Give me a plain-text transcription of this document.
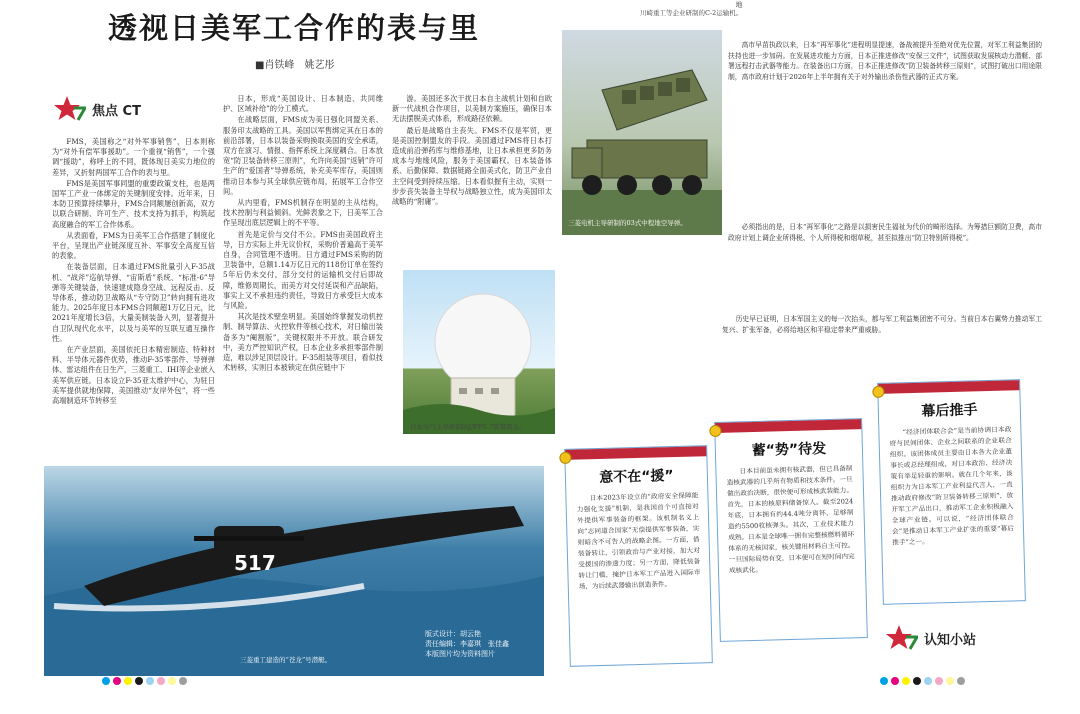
透视日美军工合作的表与里
■肖铁峰　姚艺彤
焦点 CT

FMS，美国称之“对外军事销售”，日本则称为“对外有偿军事援助”。一个重视“销售”，一个强调“援助”，称呼上的不同，既体现日美实力地位的差异，又折射两国军工合作的表与里。

FMS是美国军事同盟的重要政策支柱，也是两国军工产业一体绑定的关键制度安排。近年来，日本防卫预算持续攀升，FMS合同额屡创新高，双方以联合研制、许可生产、技术支持为抓手，构筑起高度融合的军工合作体系。

从表面看，FMS为日美军工合作搭建了制度化平台，呈现出产业链深度互补、军事安全高度互信的表象。

在装备层面，日本通过FMS批量引入F-35战机、“战斧”巡航导弹、“宙斯盾”系统、“标准-6”导弹等关键装备，快速建成隐身空战、远程反击、反导体系，推动防卫战略从“专守防卫”转向拥有进攻能力。2025年度日本FMS合同额超1万亿日元，比2021年度增长3倍，大量美制装备入列，显著提升自卫队现代化水平，以及与美军的互联互通互操作性。

在产业层面，美国依托日本精密制造、特种材料、半导体元器件优势，推动F-35零部件、导弹弹体、雷达组件在日生产，三菱重工、IHI等企业嵌入美军供应链。日本设立F-35亚太维护中心，为驻日美军提供就地保障，美国推动“友岸外包”，将一些高端制造环节转移至

日本，形成“美国设计、日本制造、共同维护、区域补给”的分工模式。

在战略层面，FMS成为美日强化同盟关系、服务印太战略的工具。美国以军售绑定其在日本的前沿部署，日本以装备采购换取美国的安全承诺，双方在演习、情报、指挥系统上深度耦合。日本放宽“防卫装备转移三原则”，允许向美国“返销”许可生产的“爱国者”导弹系统，补充美军库存，美国则推动日本参与其全球供应链布局，拓展军工合作空间。

从内里看，FMS机制存在明显的主从结构，技术控制与利益倾斜。光鲜表象之下，日美军工合作呈现出底层逻辑上的不平等。

首先是定价与交付不公。FMS由美国政府主导，日方实际上并无议价权，采购价普遍高于美军自身，合同管理不透明。日方通过FMS采购的防卫装备中，总额1.14万亿日元的118份订单在签约5年后仍未交付，部分交付的运输机交付后即故障，维修周期长，而美方对交付延误和产品缺陷，事实上又不承担违约责任，导致日方承受巨大成本与风险。

其次是技术壁垒明显。美国始终掌握发动机控制、制导算法、火控软件等核心技术，对日输出装备多为“阉割版”，关键权限并不开放。联合研发中，美方严控知识产权，日本企业多承担零部件制造，难以涉足顶层设计。F-35组装等项目，看似技术转移，实则日本被锁定在供应链中下

游。美国还多次干扰日本自主战机计划和自欧新一代战机合作项目，以美制方案施压，确保日本无法摆脱美式体系，形成路径依赖。

最后是战略自主丧失。FMS不仅是军贸，更是美国控制盟友的手段。美国通过FMS将日本打造成前沿弹药库与维修基地，让日本承担更多防务成本与地缘风险，服务于美国霸权。日本装备体系、后勤保障、数据链路全面美式化，防卫产业自主空间受到持续压缩。日本看似握有主动，实则一步步丧失装备主导权与战略独立性，成为美国印太战略的“附庸”。

川崎重工等企业研制的C-2运输机。
三菱电机主导研制的03式中程地空导弹。
日本电气主导研制的J/FPS-7雷警雷达。
517
三菱重工建造的“苍龙”号潜艇。
版式设计：胡云艳
责任编辑：李嘉琪　张佳鑫
本版图片均为资料图片

地

高市早苗执政以来，日本“再军事化”进程明显提速，备战被提升至绝对优先位置，对军工利益集团的扶持也进一步加码。在发展进攻能力方面，日本正推进修改“安保三文件”，试图获取发展核动力潜艇、部署远程打击武器等能力。在装备出口方面，日本正推进修改“防卫装备转移三原则”，试图打破出口用途限制，高市政府计划于2026年上半年拥有关于对外输出杀伤性武器的正式方案。

必须指出的是，日本“再军事化”之路是以损害民生福祉为代价的畸形选择。为筹措巨额防卫费，高市政府计划上调企业所得税、个人所得税和烟草税，甚至拟推出“防卫特别所得税”。

历史早已证明，日本军国主义的每一次抬头，都与军工利益集团密不可分。当前日本右翼势力推动军工复兴、扩张军备，必将给地区和平稳定带来严重威胁。

意不在“援”

日本2023年设立的“政府安全保障能力强化支援”机制，是我国首个可直接对外提供军事装备的框架。该机制名义上向“志同道合国家”无偿提供军事装备，实则暗含不可告人的战略企图。一方面，借装备转让，引领政治与产业对接，加大对受援国的渗透力度；另一方面，降低装备转让门槛，掩护日本军工产品进入国际市场，为后续武器输出创造条件。

蓄“势”待发

日本目前虽未拥有核武器，但已具备制造核武器的几乎所有物质和技术条件。一旦做出政治决断，很快便可形成核武装能力。首先，日本的核原料储备惊人。截至2024年底，日本拥有约44.4吨分离钚，足够制造约5500枚核弹头。其次，工业技术能力成熟。日本是全球唯一拥有完整核燃料循环体系的无核国家，核关键用材料自主可控。一旦国际局势有变，日本便可在短时间内完成核武化。

幕后推手

“经济团体联合会”是当前协调日本政府与民间团体、企业之间联系的企业联合组织。该团体成员主要由日本各大企业董事长或总经理组成，对日本政治、经济决策有举足轻重的影响。就在几个年来，该组织力为日本军工产业利益代言人，一直推动政府修改“防卫装备转移三原则”，放开军工产品出口，推动军工企业积极融入全球产业链。可以说，“经济团体联合会”是推动日本军工产业扩张的重要“幕后推手”之一。

认知小站
